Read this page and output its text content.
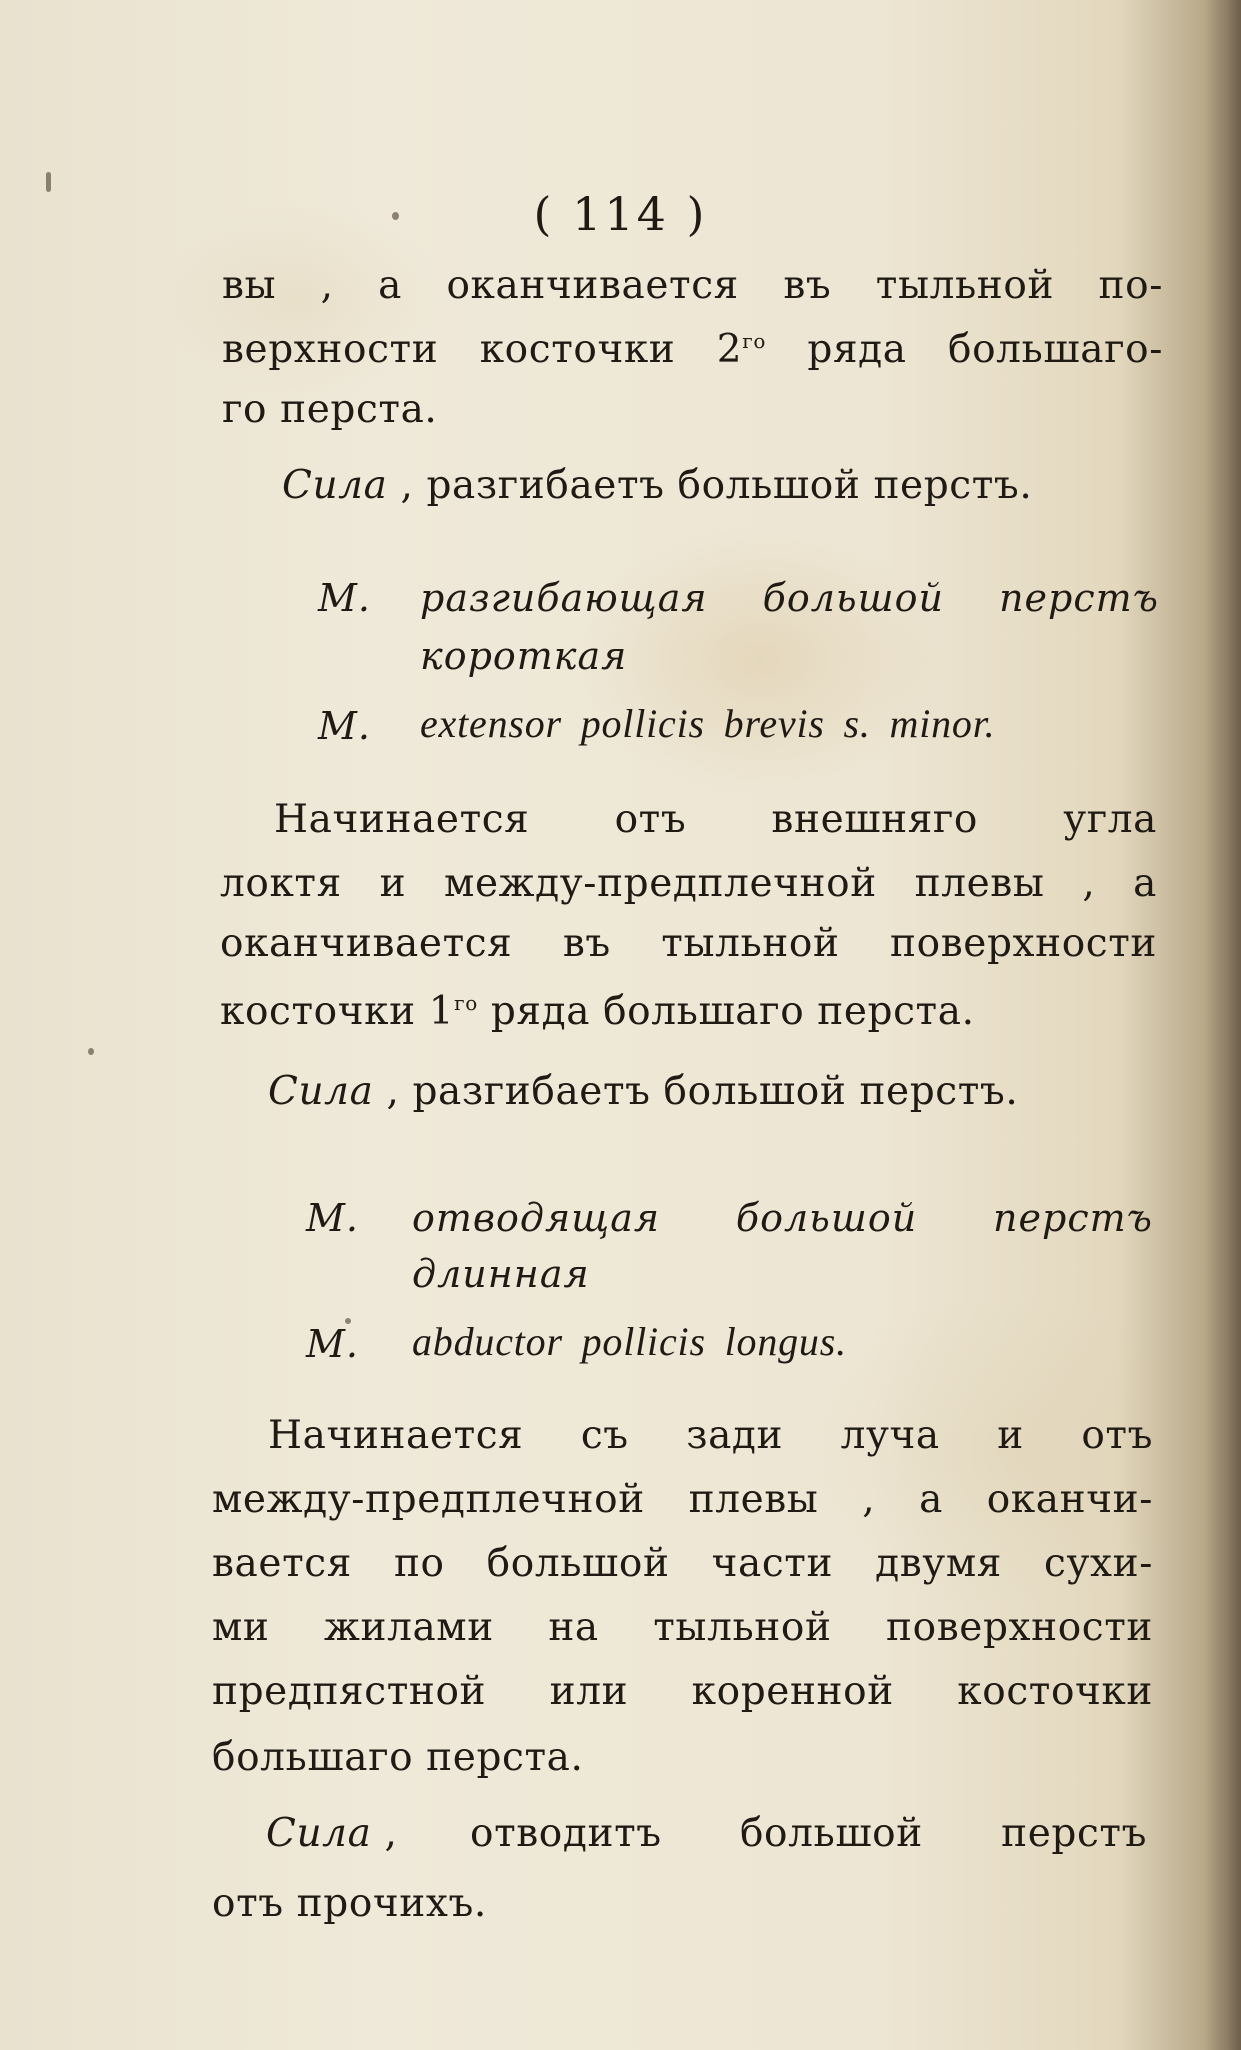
( 114 )
вы , а оканчиваетcя въ тыльной по-
верхности косточки $2^{го}$ ряда большаго-
го перста.
Сила , разгибаетъ большой перстъ.
M.	разгибающая большой перстъ
короткая
M.	extensor pollicis brevis s. minor.
Начинается отъ внешняго угла
локтя и между-предплечной плевы , а
оканчивается въ тыльной поверхности
косточки $1^{го}$ ряда большаго перста.
Сила , разгибаетъ большой перстъ.
M.	отводящая большой перстъ
длинная
M.	abductor pollicis longus.
Начинается съ зади луча и отъ
между-предплечной плевы , а оканчи-
вается по большой части двумя сухи-
ми жилами на тыльной поверхности
предпястной или коренной косточки
большаго перста.
Сила ,	отводитъ большой перстъ
отъ прочихъ.
